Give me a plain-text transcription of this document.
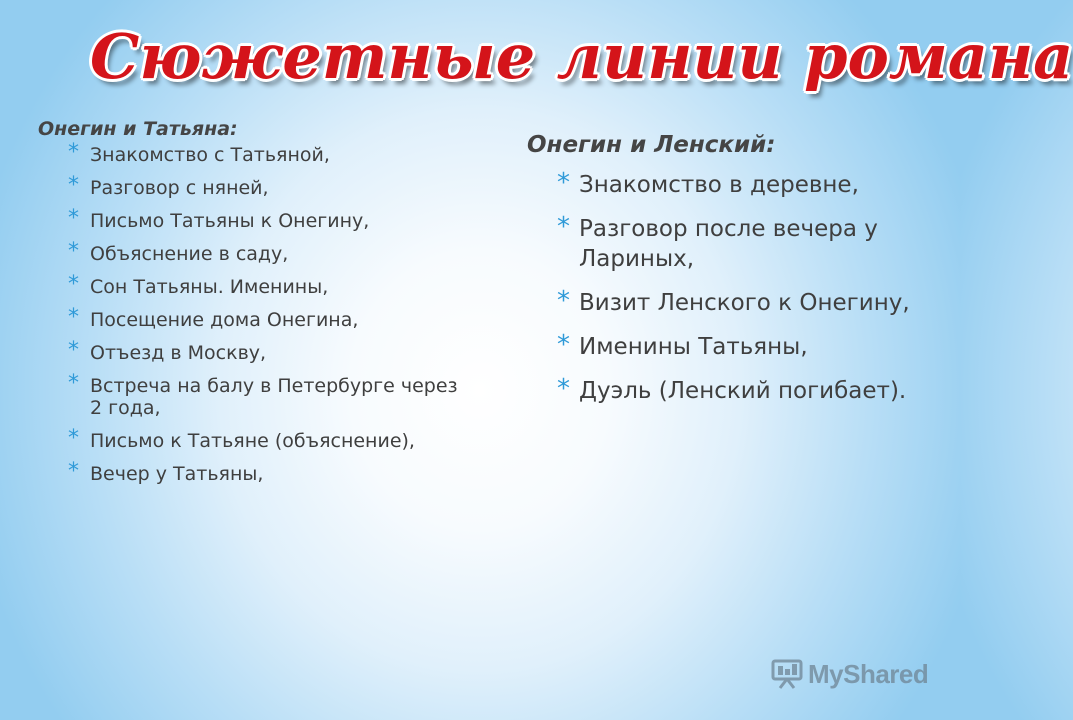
Сюжетные линии романа

Онегин и Татьяна:

* Знакомство с Татьяной,
* Разговор с няней,
* Письмо Татьяны к Онегину,
* Объяснение в саду,
* Сон Татьяны. Именины,
* Посещение дома Онегина,
* Отъезд в Москву,
* Встреча на балу в Петербурге через 2 года,
* Письмо к Татьяне (объяснение),
* Вечер у Татьяны,

Онегин и Ленский:

* Знакомство в деревне,
* Разговор после вечера у Лариных,
* Визит Ленского к Онегину,
* Именины Татьяны,
* Дуэль (Ленский погибает).
MyShared
